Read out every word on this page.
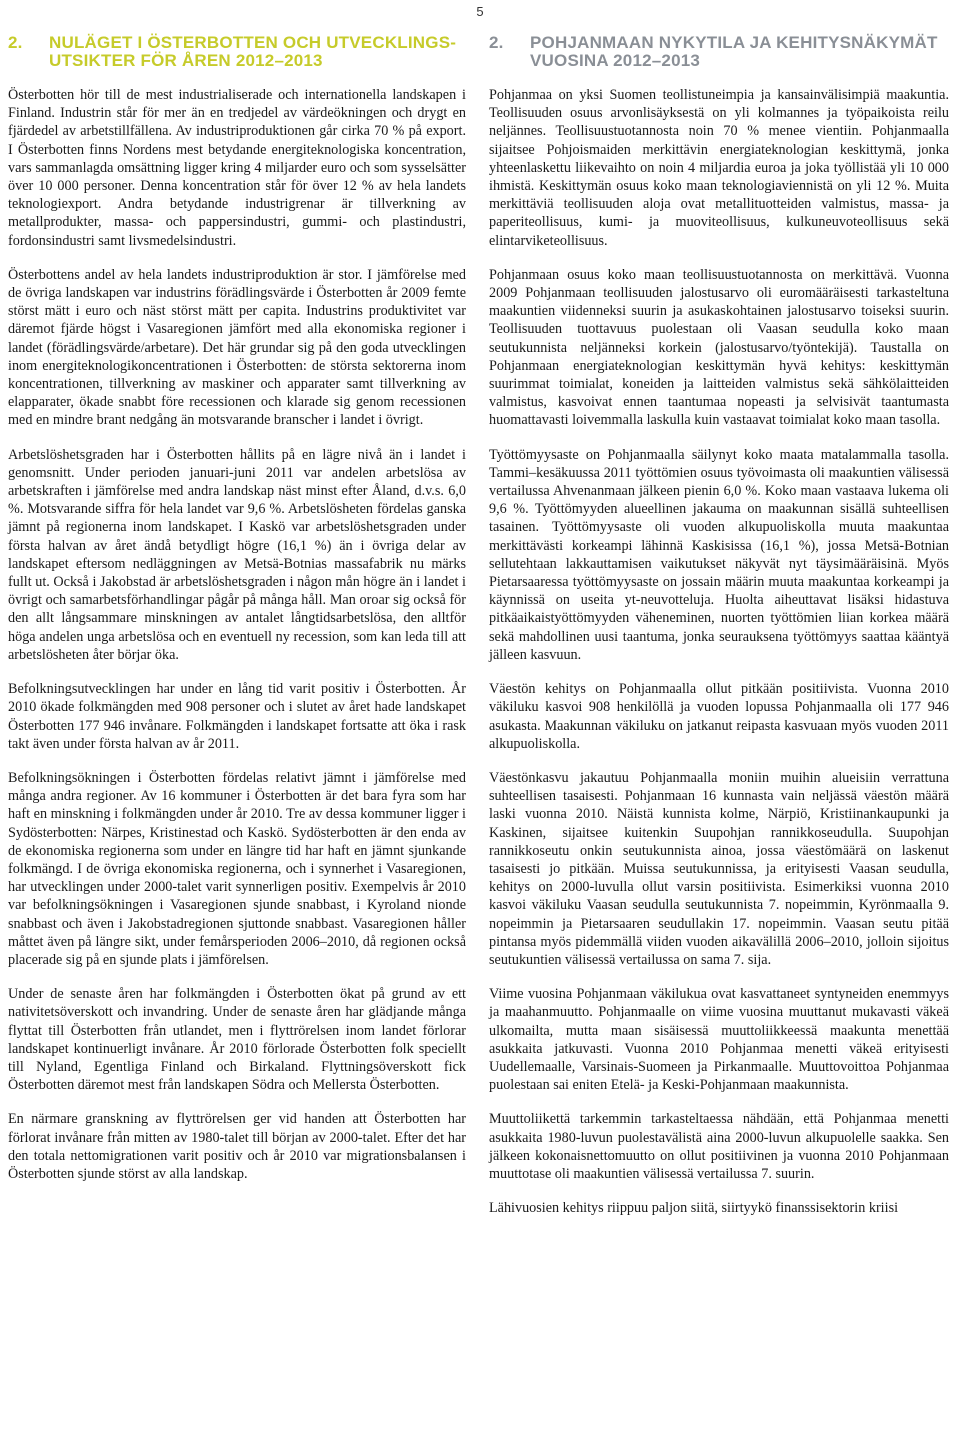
5
2.	NULÄGET I ÖSTERBOTTEN OCH UTVECKLINGS-UTSIKTER FÖR ÅREN 2012–2013

Österbotten hör till de mest industrialiserade och internationella landskapen i Finland. Industrin står för mer än en tredjedel av värdeökningen och drygt en fjärdedel av arbetstillfällena. Av industriproduktionen går cirka 70 % på export. I Österbotten finns Nordens mest betydande energiteknologiska koncentration, vars sammanlagda omsättning ligger kring 4 miljarder euro och som sysselsätter över 10 000 personer. Denna koncentration står för över 12 % av hela landets teknologiexport. Andra betydande industrigrenar är tillverkning av metallprodukter, massa- och pappersindustri, gummi- och plastindustri, fordonsindustri samt livsmedelsindustri.

Österbottens andel av hela landets industriproduktion är stor. I jämförelse med de övriga landskapen var industrins förädlingsvärde i Österbotten år 2009 femte störst mätt i euro och näst störst mätt per capita. Industrins produktivitet var däremot fjärde högst i Vasaregionen jämfört med alla ekonomiska regioner i landet (förädlingsvärde/arbetare). Det här grundar sig på den goda utvecklingen inom energiteknologikoncentrationen i Österbotten: de största sektorerna inom koncentrationen, tillverkning av maskiner och apparater samt tillverkning av elapparater, ökade snabbt före recessionen och klarade sig genom recessionen med en mindre brant nedgång än motsvarande branscher i landet i övrigt.

Arbetslöshetsgraden har i Österbotten hållits på en lägre nivå än i landet i genomsnitt. Under perioden januari-juni 2011 var andelen arbetslösa av arbetskraften i jämförelse med andra landskap näst minst efter Åland, d.v.s. 6,0 %. Motsvarande siffra för hela landet var 9,6 %. Arbetslösheten fördelas ganska jämnt på regionerna inom landskapet. I Kaskö var arbetslöshetsgraden under första halvan av året ändå betydligt högre (16,1 %) än i övriga delar av landskapet eftersom nedläggningen av Metsä-Botnias massafabrik nu märks fullt ut. Också i Jakobstad är arbetslöshetsgraden i någon mån högre än i landet i övrigt och samarbetsförhandlingar pågår på många håll. Man oroar sig också för den allt långsammare minskningen av antalet långtidsarbetslösa, den alltför höga andelen unga arbetslösa och en eventuell ny recession, som kan leda till att arbetslösheten åter börjar öka.

Befolkningsutvecklingen har under en lång tid varit positiv i Österbotten. År 2010 ökade folkmängden med 908 personer och i slutet av året hade landskapet Österbotten 177 946 invånare. Folkmängden i landskapet fortsatte att öka i rask takt även under första halvan av år 2011.

Befolkningsökningen i Österbotten fördelas relativt jämnt i jämförelse med många andra regioner. Av 16 kommuner i Österbotten är det bara fyra som har haft en minskning i folkmängden under år 2010. Tre av dessa kommuner ligger i Sydösterbotten: Närpes, Kristinestad och Kaskö. Sydösterbotten är den enda av de ekonomiska regionerna som under en längre tid har haft en jämnt sjunkande folkmängd. I de övriga ekonomiska regionerna, och i synnerhet i Vasaregionen, har utvecklingen under 2000-talet varit synnerligen positiv. Exempelvis år 2010 var befolkningsökningen i Vasaregionen sjunde snabbast, i Kyroland nionde snabbast och även i Jakobstadregionen sjuttonde snabbast. Vasaregionen håller måttet även på längre sikt, under femårsperioden 2006–2010, då regionen också placerade sig på en sjunde plats i jämförelsen.

Under de senaste åren har folkmängden i Österbotten ökat på grund av ett nativitetsöverskott och invandring. Under de senaste åren har glädjande många flyttat till Österbotten från utlandet, men i flyttrörelsen inom landet förlorar landskapet kontinuerligt invånare. År 2010 förlorade Österbotten folk speciellt till Nyland, Egentliga Finland och Birkaland. Flyttningsöverskott fick Österbotten däremot mest från landskapen Södra och Mellersta Österbotten.

En närmare granskning av flyttrörelsen ger vid handen att Österbotten har förlorat invånare från mitten av 1980-talet till början av 2000-talet. Efter det har den totala nettomigrationen varit positiv och år 2010 var migrationsbalansen i Österbotten sjunde störst av alla landskap.

2.	POHJANMAAN NYKYTILA JA KEHITYSNÄKYMÄT VUOSINA 2012–2013

Pohjanmaa on yksi Suomen teollistuneimpia ja kansainvälisimpiä maakuntia. Teollisuuden osuus arvonlisäyksestä on yli kolmannes ja työpaikoista reilu neljännes. Teollisuustuotannosta noin 70 % menee vientiin. Pohjanmaalla sijaitsee Pohjoismaiden merkittävin energiateknologian keskittymä, jonka yhteenlaskettu liikevaihto on noin 4 miljardia euroa ja joka työllistää yli 10 000 ihmistä. Keskittymän osuus koko maan teknologiaviennistä on yli 12 %. Muita merkittäviä teollisuuden aloja ovat metallituotteiden valmistus, massa- ja paperiteollisuus, kumi- ja muoviteollisuus, kulkuneuvoteollisuus sekä elintarviketeollisuus.

Pohjanmaan osuus koko maan teollisuustuotannosta on merkittävä. Vuonna 2009 Pohjanmaan teollisuuden jalostusarvo oli euromääräisesti tarkasteltuna maakuntien viidenneksi suurin ja asukaskohtainen jalostusarvo toiseksi suurin. Teollisuuden tuottavuus puolestaan oli Vaasan seudulla koko maan seutukunnista neljänneksi korkein (jalostusarvo/työntekijä). Taustalla on Pohjanmaan energiateknologian keskittymän hyvä kehitys: keskittymän suurimmat toimialat, koneiden ja laitteiden valmistus sekä sähkölaitteiden valmistus, kasvoivat ennen taantumaa nopeasti ja selvisivät taantumasta huomattavasti loivemmalla laskulla kuin vastaavat toimialat koko maan tasolla.

Työttömyysaste on Pohjanmaalla säilynyt koko maata matalammalla tasolla. Tammi–kesäkuussa 2011 työttömien osuus työvoimasta oli maakuntien välisessä vertailussa Ahvenanmaan jälkeen pienin 6,0 %. Koko maan vastaava lukema oli 9,6 %. Työttömyyden alueellinen jakauma on maakunnan sisällä suhteellisen tasainen. Työttömyysaste oli vuoden alkupuoliskolla muuta maakuntaa merkittävästi korkeampi lähinnä Kaskisissa (16,1 %), jossa Metsä-Botnian sellutehtaan lakkauttamisen vaikutukset näkyvät nyt täysimääräisinä. Myös Pietarsaaressa työttömyysaste on jossain määrin muuta maakuntaa korkeampi ja käynnissä on useita yt-neuvotteluja. Huolta aiheuttavat lisäksi hidastuva pitkäaikaistyöttömyyden väheneminen, nuorten työttömien liian korkea määrä sekä mahdollinen uusi taantuma, jonka seurauksena työttömyys saattaa kääntyä jälleen kasvuun.

Väestön kehitys on Pohjanmaalla ollut pitkään positiivista. Vuonna 2010 väkiluku kasvoi 908 henkilöllä ja vuoden lopussa Pohjanmaalla oli 177 946 asukasta. Maakunnan väkiluku on jatkanut reipasta kasvuaan myös vuoden 2011 alkupuoliskolla.

Väestönkasvu jakautuu Pohjanmaalla moniin muihin alueisiin verrattuna suhteellisen tasaisesti. Pohjanmaan 16 kunnasta vain neljässä väestön määrä laski vuonna 2010. Näistä kunnista kolme, Närpiö, Kristiinankaupunki ja Kaskinen, sijaitsee kuitenkin Suupohjan rannikkoseudulla. Suupohjan rannikkoseutu onkin seutukunnista ainoa, jossa väestömäärä on laskenut tasaisesti jo pitkään. Muissa seutukunnissa, ja erityisesti Vaasan seudulla, kehitys on 2000-luvulla ollut varsin positiivista. Esimerkiksi vuonna 2010 kasvoi väkiluku Vaasan seudulla seutukunnista 7. nopeimmin, Kyrönmaalla 9. nopeimmin ja Pietarsaaren seudullakin 17. nopeimmin. Vaasan seutu pitää pintansa myös pidemmällä viiden vuoden aikavälillä 2006–2010, jolloin sijoitus seutukuntien välisessä vertailussa on sama 7. sija.

Viime vuosina Pohjanmaan väkilukua ovat kasvattaneet syntyneiden enemmyys ja maahanmuutto. Pohjanmaalle on viime vuosina muuttanut mukavasti väkeä ulkomailta, mutta maan sisäisessä muuttoliikkeessä maakunta menettää asukkaita jatkuvasti. Vuonna 2010 Pohjanmaa menetti väkeä erityisesti Uudellemaalle, Varsinais-Suomeen ja Pirkanmaalle. Muuttovoittoa Pohjanmaa puolestaan sai eniten Etelä- ja Keski-Pohjanmaan maakunnista.

Muuttoliikettä tarkemmin tarkasteltaessa nähdään, että Pohjanmaa menetti asukkaita 1980-luvun puolestavälistä aina 2000-luvun alkupuolelle saakka. Sen jälkeen kokonaisnettomuutto on ollut positiivinen ja vuonna 2010 Pohjanmaan muuttotase oli maakuntien välisessä vertailussa 7. suurin.

Lähivuosien kehitys riippuu paljon siitä, siirtyykö finanssisektorin kriisi
